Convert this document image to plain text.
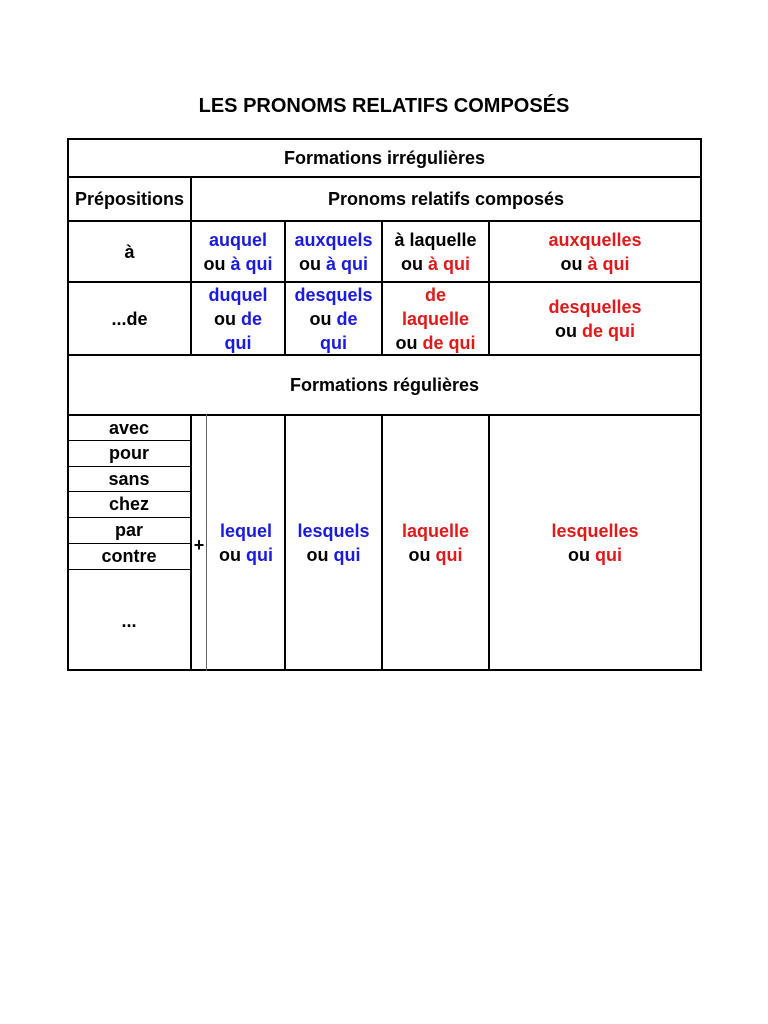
LES PRONOMS RELATIFS COMPOSÉS
Formations irrégulières
Prépositions	Pronoms relatifs composés
à
auquel
ou à qui
auxquels
ou à qui
à laquelle
ou à qui
auxquelles
ou à qui
...de
duquel
ou de
qui
desquels
ou de
qui
de
laquelle
ou de qui
desquelles
ou de qui
Formations régulières
avec
pour
sans
chez
par
contre
...
+
lequel
ou qui
lesquels
ou qui
laquelle
ou qui
lesquelles
ou qui
